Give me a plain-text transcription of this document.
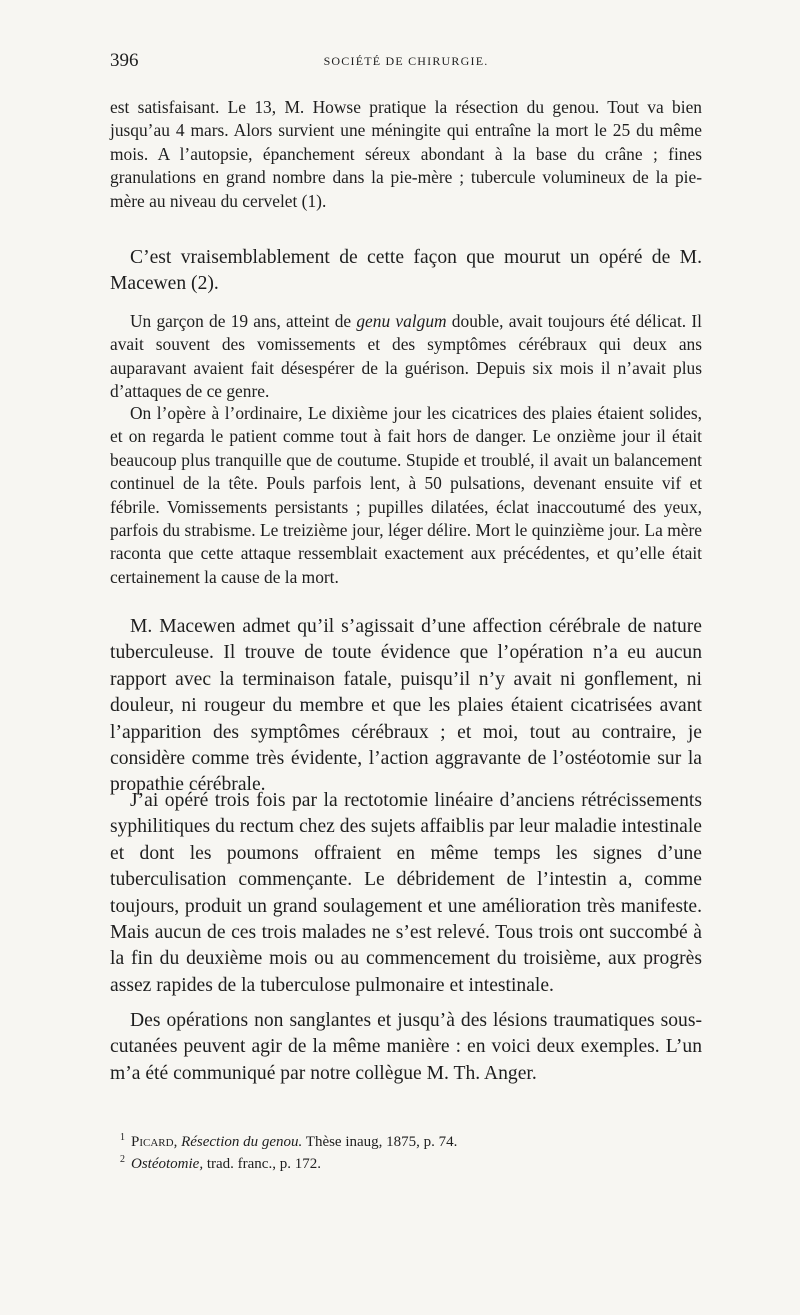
396	SOCIÉTÉ DE CHIRURGIE.

est satisfaisant. Le 13, M. Howse pratique la résection du genou. Tout va bien jusqu’au 4 mars. Alors survient une méningite qui entraîne la mort le 25 du même mois. A l’autopsie, épanchement séreux abondant à la base du crâne ; fines granulations en grand nombre dans la pie-mère ; tubercule volumineux de la pie-mère au niveau du cervelet (1).

C’est vraisemblablement de cette façon que mourut un opéré de M. Macewen (2).

Un garçon de 19 ans, atteint de genu valgum double, avait toujours été délicat. Il avait souvent des vomissements et des symptômes cérébraux qui deux ans auparavant avaient fait désespérer de la guérison. Depuis six mois il n’avait plus d’attaques de ce genre.

On l’opère à l’ordinaire, Le dixième jour les cicatrices des plaies étaient solides, et on regarda le patient comme tout à fait hors de danger. Le onzième jour il était beaucoup plus tranquille que de coutume. Stupide et troublé, il avait un balancement continuel de la tête. Pouls parfois lent, à 50 pulsations, devenant ensuite vif et fébrile. Vomissements persistants ; pupilles dilatées, éclat inaccoutumé des yeux, parfois du strabisme. Le treizième jour, léger délire. Mort le quinzième jour. La mère raconta que cette attaque ressemblait exactement aux précédentes, et qu’elle était certainement la cause de la mort.

M. Macewen admet qu’il s’agissait d’une affection cérébrale de nature tuberculeuse. Il trouve de toute évidence que l’opération n’a eu aucun rapport avec la terminaison fatale, puisqu’il n’y avait ni gonflement, ni douleur, ni rougeur du membre et que les plaies étaient cicatrisées avant l’apparition des symptômes cérébraux ; et moi, tout au contraire, je considère comme très évidente, l’action aggravante de l’ostéotomie sur la propathie cérébrale.

J’ai opéré trois fois par la rectotomie linéaire d’anciens rétrécissements syphilitiques du rectum chez des sujets affaiblis par leur maladie intestinale et dont les poumons offraient en même temps les signes d’une tuberculisation commençante. Le débridement de l’intestin a, comme toujours, produit un grand soulagement et une amélioration très manifeste. Mais aucun de ces trois malades ne s’est relevé. Tous trois ont succombé à la fin du deuxième mois ou au commencement du troisième, aux progrès assez rapides de la tuberculose pulmonaire et intestinale.

Des opérations non sanglantes et jusqu’à des lésions traumatiques sous-cutanées peuvent agir de la même manière : en voici deux exemples. L’un m’a été communiqué par notre collègue M. Th. Anger.

$^1$ Picard, Résection du genou. Thèse inaug, 1875, p. 74.
$^2$ Ostéotomie, trad. franc., p. 172.
